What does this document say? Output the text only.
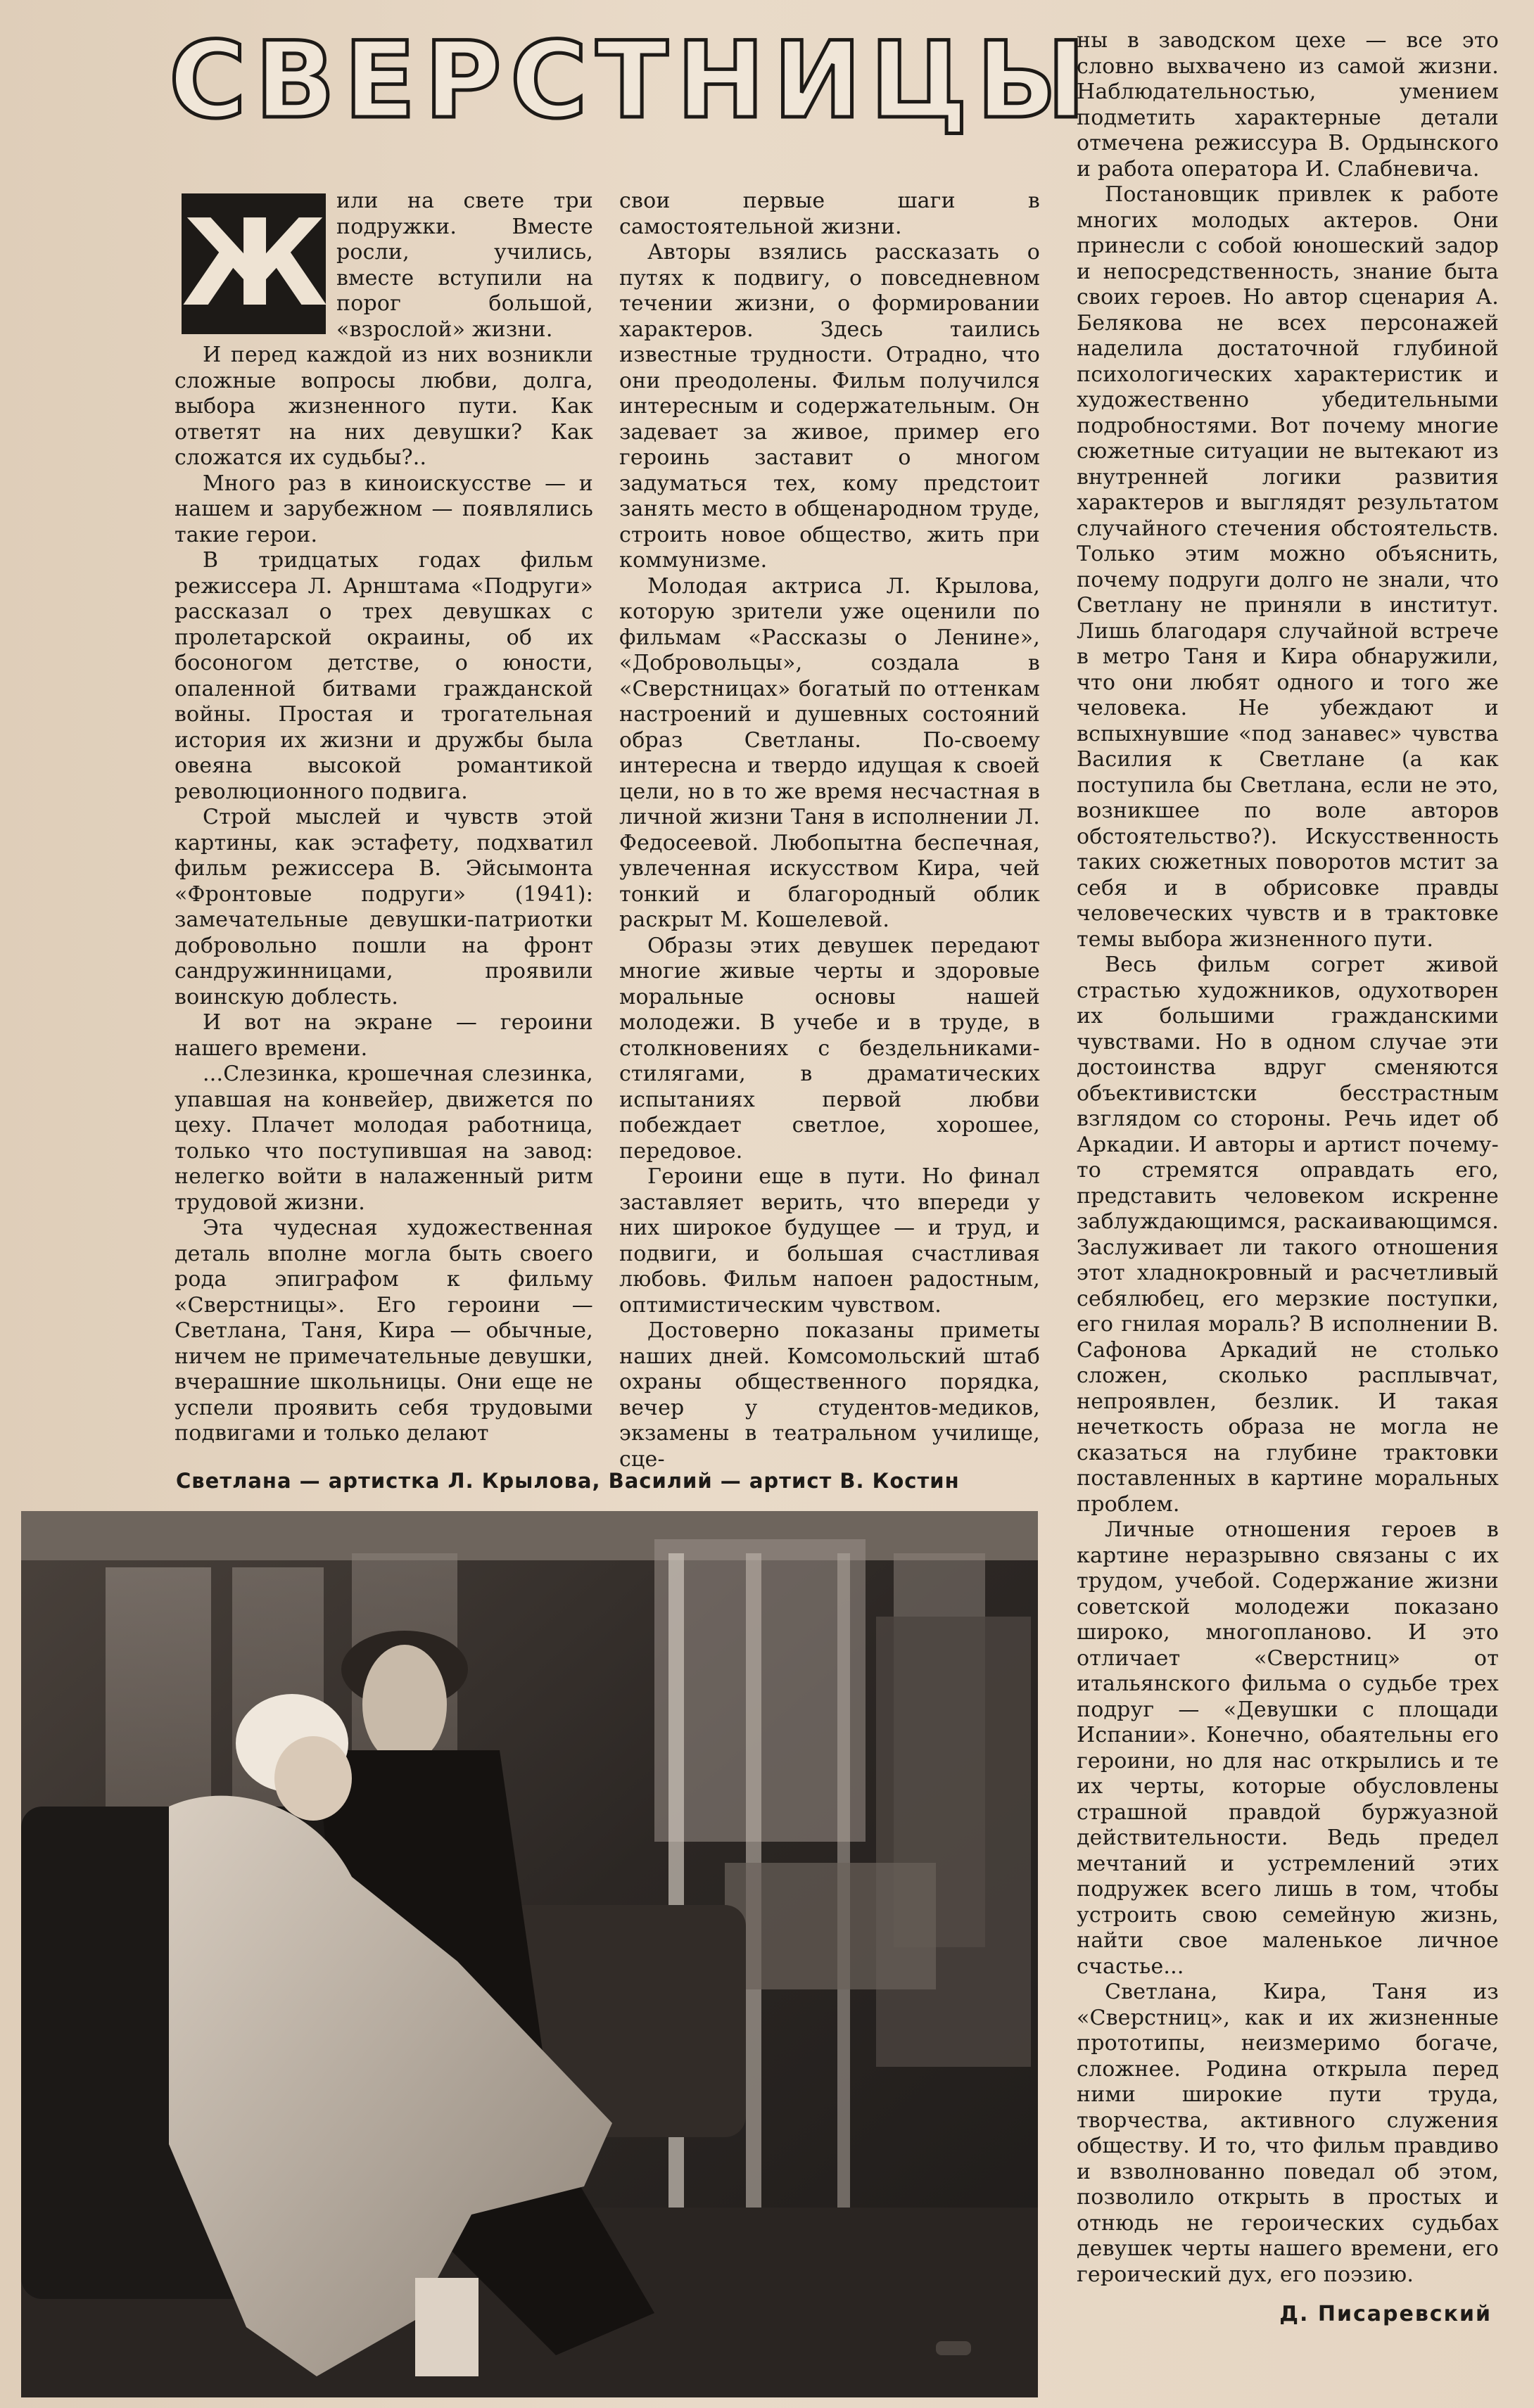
СВЕРСТНИЦЫ
Ж или на свете три подружки. Вместе росли, учились, вместе вступили на порог большой, «взрослой» жизни.

И перед каждой из них возникли сложные вопросы любви, долга, выбора жизненного пути. Как ответят на них девушки? Как сложатся их судьбы?..

Много раз в киноискусстве — и нашем и зарубежном — появлялись такие герои.

В тридцатых годах фильм режиссера Л. Арнштама «Подруги» рассказал о трех девушках с пролетарской окраины, об их босоногом детстве, о юности, опаленной битвами гражданской войны. Простая и трогательная история их жизни и дружбы была овеяна высокой романтикой революционного подвига.

Строй мыслей и чувств этой картины, как эстафету, подхватил фильм режиссера В. Эйсымонта «Фронтовые подруги» (1941): замечательные девушки-патриотки добровольно пошли на фронт сандружинницами, проявили воинскую доблесть.

И вот на экране — героини нашего времени.

...Слезинка, крошечная слезинка, упавшая на конвейер, движется по цеху. Плачет молодая работница, только что поступившая на завод: нелегко войти в налаженный ритм трудовой жизни.

Эта чудесная художественная деталь вполне могла быть своего рода эпиграфом к фильму «Сверстницы». Его героини — Светлана, Таня, Кира — обычные, ничем не примечательные девушки, вчерашние школьницы. Они еще не успели проявить себя трудовыми подвигами и только делают

свои первые шаги в самостоятельной жизни.

Авторы взялись рассказать о путях к подвигу, о повседневном течении жизни, о формировании характеров. Здесь таились известные трудности. Отрадно, что они преодолены. Фильм получился интересным и содержательным. Он задевает за живое, пример его героинь заставит о многом задуматься тех, кому предстоит занять место в общенародном труде, строить новое общество, жить при коммунизме.

Молодая актриса Л. Крылова, которую зрители уже оценили по фильмам «Рассказы о Ленине», «Добровольцы», создала в «Сверстницах» богатый по оттенкам настроений и душевных состояний образ Светланы. По-своему интересна и твердо идущая к своей цели, но в то же время несчастная в личной жизни Таня в исполнении Л. Федосеевой. Любопытна беспечная, увлеченная искусством Кира, чей тонкий и благородный облик раскрыт М. Кошелевой.

Образы этих девушек передают многие живые черты и здоровые моральные основы нашей молодежи. В учебе и в труде, в столкновениях с бездельниками-стилягами, в драматических испытаниях первой любви побеждает светлое, хорошее, передовое.

Героини еще в пути. Но финал заставляет верить, что впереди у них широкое будущее — и труд, и подвиги, и большая счастливая любовь. Фильм напоен радостным, оптимистическим чувством.

Достоверно показаны приметы наших дней. Комсомольский штаб охраны общественного порядка, вечер у студентов-медиков, экзамены в театральном училище, сце-

ны в заводском цехе — все это словно выхвачено из самой жизни. Наблюдательностью, умением подметить характерные детали отмечена режиссура В. Ордынского и работа оператора И. Слабневича.

Постановщик привлек к работе многих молодых актеров. Они принесли с собой юношеский задор и непосредственность, знание быта своих героев. Но автор сценария А. Белякова не всех персонажей наделила достаточной глубиной психологических характеристик и художественно убедительными подробностями. Вот почему многие сюжетные ситуации не вытекают из внутренней логики развития характеров и выглядят результатом случайного стечения обстоятельств. Только этим можно объяснить, почему подруги долго не знали, что Светлану не приняли в институт. Лишь благодаря случайной встрече в метро Таня и Кира обнаружили, что они любят одного и того же человека. Не убеждают и вспыхнувшие «под занавес» чувства Василия к Светлане (а как поступила бы Светлана, если не это, возникшее по воле авторов обстоятельство?). Искусственность таких сюжетных поворотов мстит за себя и в обрисовке правды человеческих чувств и в трактовке темы выбора жизненного пути.

Весь фильм согрет живой страстью художников, одухотворен их большими гражданскими чувствами. Но в одном случае эти достоинства вдруг сменяются объективистски бесстрастным взглядом со стороны. Речь идет об Аркадии. И авторы и артист почему-то стремятся оправдать его, представить человеком искренне заблуждающимся, раскаивающимся. Заслуживает ли такого отношения этот хладнокровный и расчетливый себялюбец, его мерзкие поступки, его гнилая мораль? В исполнении В. Сафонова Аркадий не столько сложен, сколько расплывчат, непроявлен, безлик. И такая нечеткость образа не могла не сказаться на глубине трактовки поставленных в картине моральных проблем.

Личные отношения героев в картине неразрывно связаны с их трудом, учебой. Содержание жизни советской молодежи показано широко, многопланово. И это отличает «Сверстниц» от итальянского фильма о судьбе трех подруг — «Девушки с площади Испании». Конечно, обаятельны его героини, но для нас открылись и те их черты, которые обусловлены страшной правдой буржуазной действительности. Ведь предел мечтаний и устремлений этих подружек всего лишь в том, чтобы устроить свою семейную жизнь, найти свое маленькое личное счастье...

Светлана, Кира, Таня из «Сверстниц», как и их жизненные прототипы, неизмеримо богаче, сложнее. Родина открыла перед ними широкие пути труда, творчества, активного служения обществу. И то, что фильм правдиво и взволнованно поведал об этом, позволило открыть в простых и отнюдь не героических судьбах девушек черты нашего времени, его героический дух, его поэзию.

Светлана — артистка Л. Крылова, Василий — артист В. Костин
Д. Писаревский
